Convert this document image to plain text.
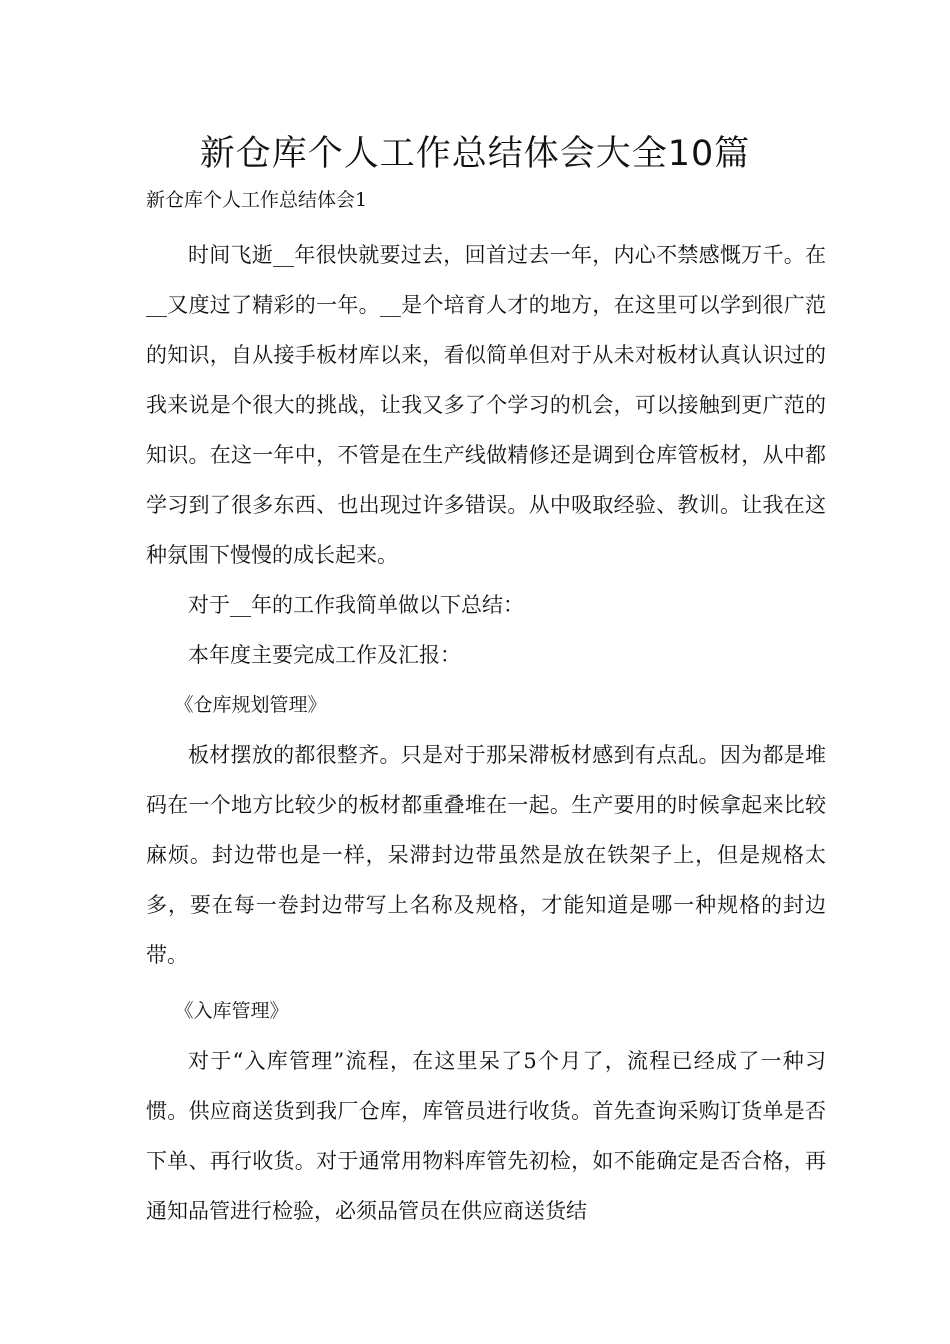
新仓库个人工作总结体会大全10篇
新仓库个人工作总结体会1

时间飞逝__年很快就要过去，回首过去一年，内心不禁感慨万千。在__又度过了精彩的一年。__是个培育人才的地方，在这里可以学到很广范的知识，自从接手板材库以来，看似简单但对于从未对板材认真认识过的我来说是个很大的挑战，让我又多了个学习的机会，可以接触到更广范的知识。在这一年中，不管是在生产线做精修还是调到仓库管板材，从中都学习到了很多东西、也出现过许多错误。从中吸取经验、教训。让我在这种氛围下慢慢的成长起来。

对于__年的工作我简单做以下总结：

本年度主要完成工作及汇报：

《仓库规划管理》

板材摆放的都很整齐。只是对于那呆滞板材感到有点乱。因为都是堆码在一个地方比较少的板材都重叠堆在一起。生产要用的时候拿起来比较麻烦。封边带也是一样，呆滞封边带虽然是放在铁架子上，但是规格太多，要在每一卷封边带写上名称及规格，才能知道是哪一种规格的封边带。

《入库管理》

对于“入库管理”流程，在这里呆了5个月了，流程已经成了一种习惯。供应商送货到我厂仓库，库管员进行收货。首先查询采购订货单是否下单、再行收货。对于通常用物料库管先初检，如不能确定是否合格，再通知品管进行检验，必须品管员在供应商送货结
